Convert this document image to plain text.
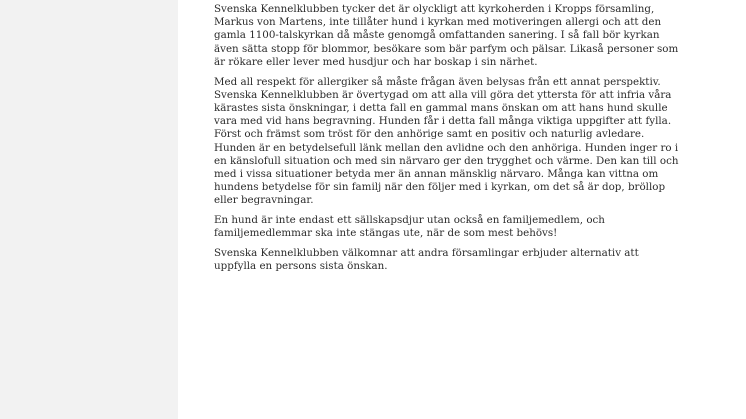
Svenska Kennelklubben tycker det är olyckligt att kyrkoherden i Kropps församling, Markus von Martens, inte tillåter hund i kyrkan med motiveringen allergi och att den gamla 1100-talskyrkan då måste genomgå omfattanden sanering. I så fall bör kyrkan även sätta stopp för blommor, besökare som bär parfym och pälsar. Likaså personer som är rökare eller lever med husdjur och har boskap i sin närhet.

Med all respekt för allergiker så måste frågan även belysas från ett annat perspektiv. Svenska Kennelklubben är övertygad om att alla vill göra det yttersta för att infria våra kärastes sista önskningar, i detta fall en gammal mans önskan om att hans hund skulle vara med vid hans begravning. Hunden får i detta fall många viktiga uppgifter att fylla. Först och främst som tröst för den anhörige samt en positiv och naturlig avledare. Hunden är en betydelsefull länk mellan den avlidne och den anhöriga. Hunden inger ro i en känslofull situation och med sin närvaro ger den trygghet och värme. Den kan till och med i vissa situationer betyda mer än annan mänsklig närvaro. Många kan vittna om hundens betydelse för sin familj när den följer med i kyrkan, om det så är dop, bröllop eller begravningar.

En hund är inte endast ett sällskapsdjur utan också en familjemedlem, och familjemedlemmar ska inte stängas ute, när de som mest behövs!

Svenska Kennelklubben välkomnar att andra församlingar erbjuder alternativ att uppfylla en persons sista önskan.
